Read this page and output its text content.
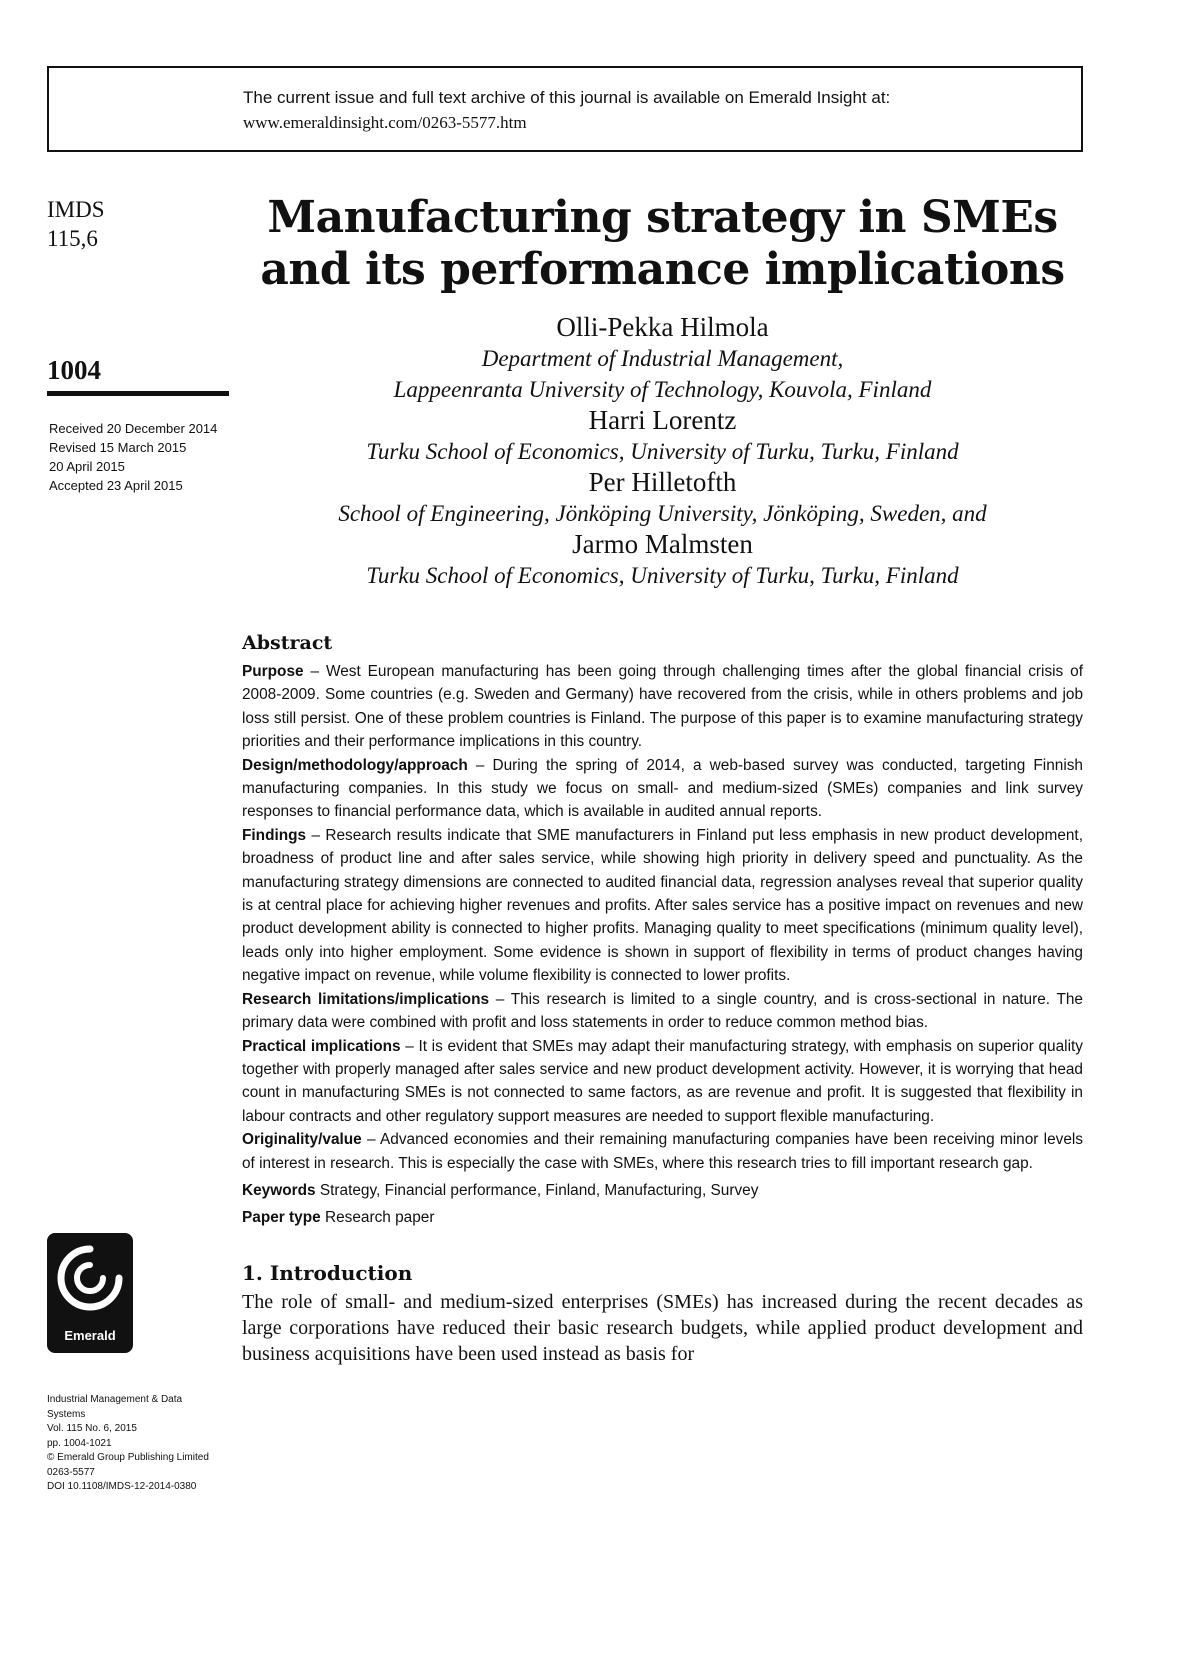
The current issue and full text archive of this journal is available on Emerald Insight at:
www.emeraldinsight.com/0263-5577.htm
IMDS
115,6
1004
Received 20 December 2014
Revised 15 March 2015
20 April 2015
Accepted 23 April 2015
Emerald
Industrial Management & Data
Systems
Vol. 115 No. 6, 2015
pp. 1004-1021
© Emerald Group Publishing Limited
0263-5577
DOI 10.1108/IMDS-12-2014-0380
Manufacturing strategy in SMEs
and its performance implications
Olli-Pekka Hilmola
Department of Industrial Management,
Lappeenranta University of Technology, Kouvola, Finland
Harri Lorentz
Turku School of Economics, University of Turku, Turku, Finland
Per Hilletofth
School of Engineering, Jönköping University, Jönköping, Sweden, and
Jarmo Malmsten
Turku School of Economics, University of Turku, Turku, Finland
Abstract

Purpose – West European manufacturing has been going through challenging times after the global financial crisis of 2008-2009. Some countries (e.g. Sweden and Germany) have recovered from the crisis, while in others problems and job loss still persist. One of these problem countries is Finland. The purpose of this paper is to examine manufacturing strategy priorities and their performance implications in this country.

Design/methodology/approach – During the spring of 2014, a web-based survey was conducted, targeting Finnish manufacturing companies. In this study we focus on small- and medium-sized (SMEs) companies and link survey responses to financial performance data, which is available in audited annual reports.

Findings – Research results indicate that SME manufacturers in Finland put less emphasis in new product development, broadness of product line and after sales service, while showing high priority in delivery speed and punctuality. As the manufacturing strategy dimensions are connected to audited financial data, regression analyses reveal that superior quality is at central place for achieving higher revenues and profits. After sales service has a positive impact on revenues and new product development ability is connected to higher profits. Managing quality to meet specifications (minimum quality level), leads only into higher employment. Some evidence is shown in support of flexibility in terms of product changes having negative impact on revenue, while volume flexibility is connected to lower profits.

Research limitations/implications – This research is limited to a single country, and is cross-sectional in nature. The primary data were combined with profit and loss statements in order to reduce common method bias.

Practical implications – It is evident that SMEs may adapt their manufacturing strategy, with emphasis on superior quality together with properly managed after sales service and new product development activity. However, it is worrying that head count in manufacturing SMEs is not connected to same factors, as are revenue and profit. It is suggested that flexibility in labour contracts and other regulatory support measures are needed to support flexible manufacturing.

Originality/value – Advanced economies and their remaining manufacturing companies have been receiving minor levels of interest in research. This is especially the case with SMEs, where this research tries to fill important research gap.

Keywords Strategy, Financial performance, Finland, Manufacturing, Survey

Paper type Research paper

1. Introduction

The role of small- and medium-sized enterprises (SMEs) has increased during the recent decades as large corporations have reduced their basic research budgets, while applied product development and business acquisitions have been used instead as basis for
